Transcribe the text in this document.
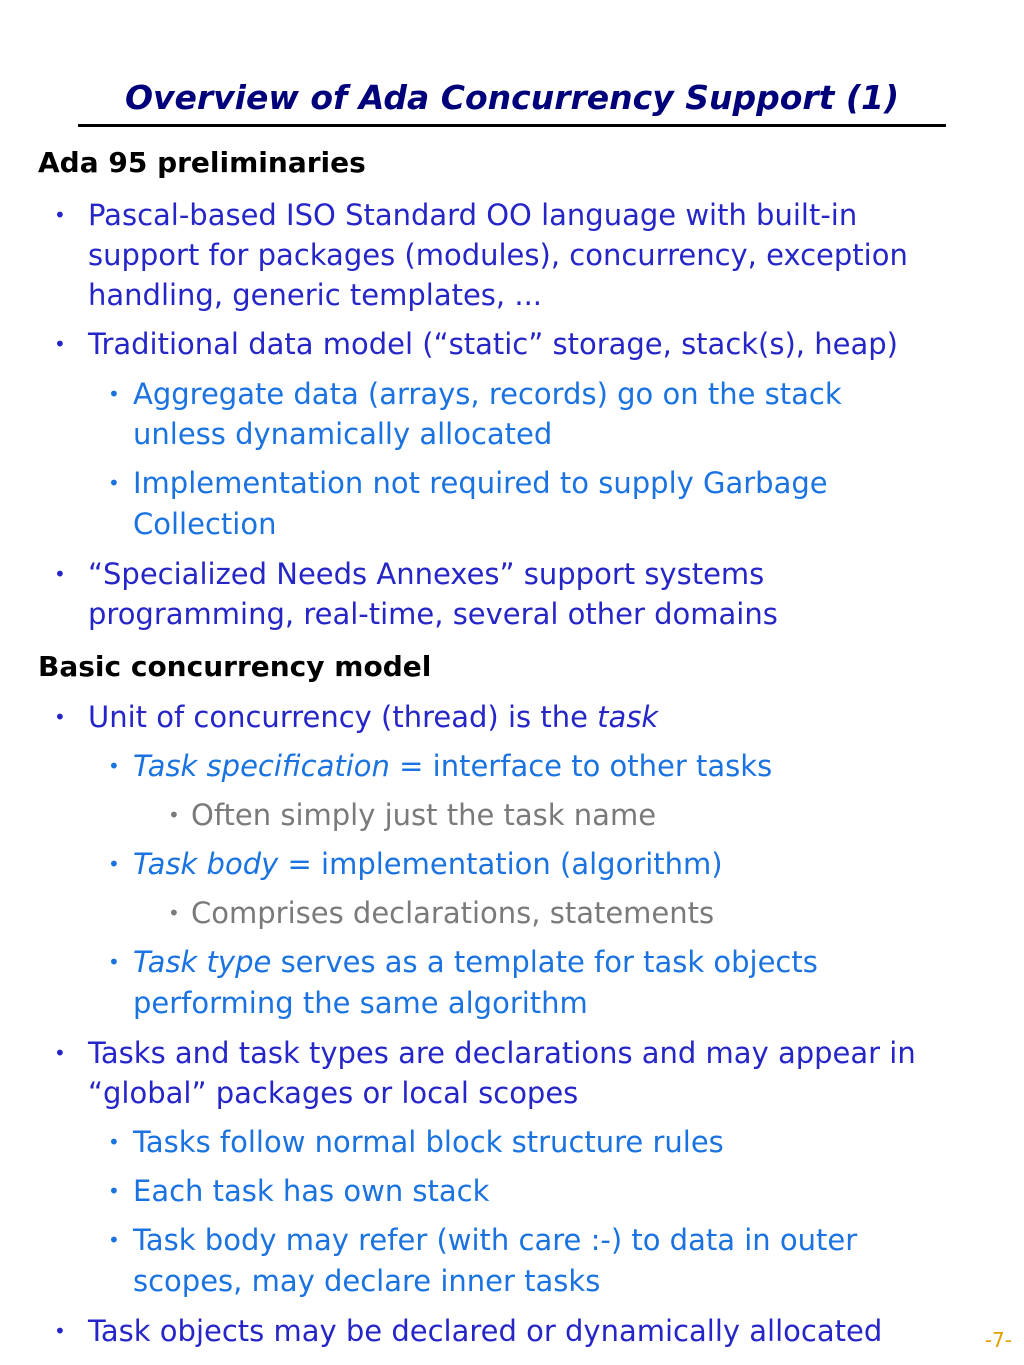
Overview of Ada Concurrency Support (1)
Ada 95 preliminaries
• Pascal-based ISO Standard OO language with built-in
support for packages (modules), concurrency, exception
handling, generic templates, ...
• Traditional data model (“static” storage, stack(s), heap)
• Aggregate data (arrays, records) go on the stack
unless dynamically allocated
• Implementation not required to supply Garbage
Collection
• “Specialized Needs Annexes” support systems
programming, real-time, several other domains
Basic concurrency model
• Unit of concurrency (thread) is the task
• Task specification = interface to other tasks
• Often simply just the task name
• Task body = implementation (algorithm)
• Comprises declarations, statements
• Task type serves as a template for task objects
performing the same algorithm
• Tasks and task types are declarations and may appear in
“global” packages or local scopes
• Tasks follow normal block structure rules
• Each task has own stack
• Task body may refer (with care :-) to data in outer
scopes, may declare inner tasks
• Task objects may be declared or dynamically allocated	-7-
